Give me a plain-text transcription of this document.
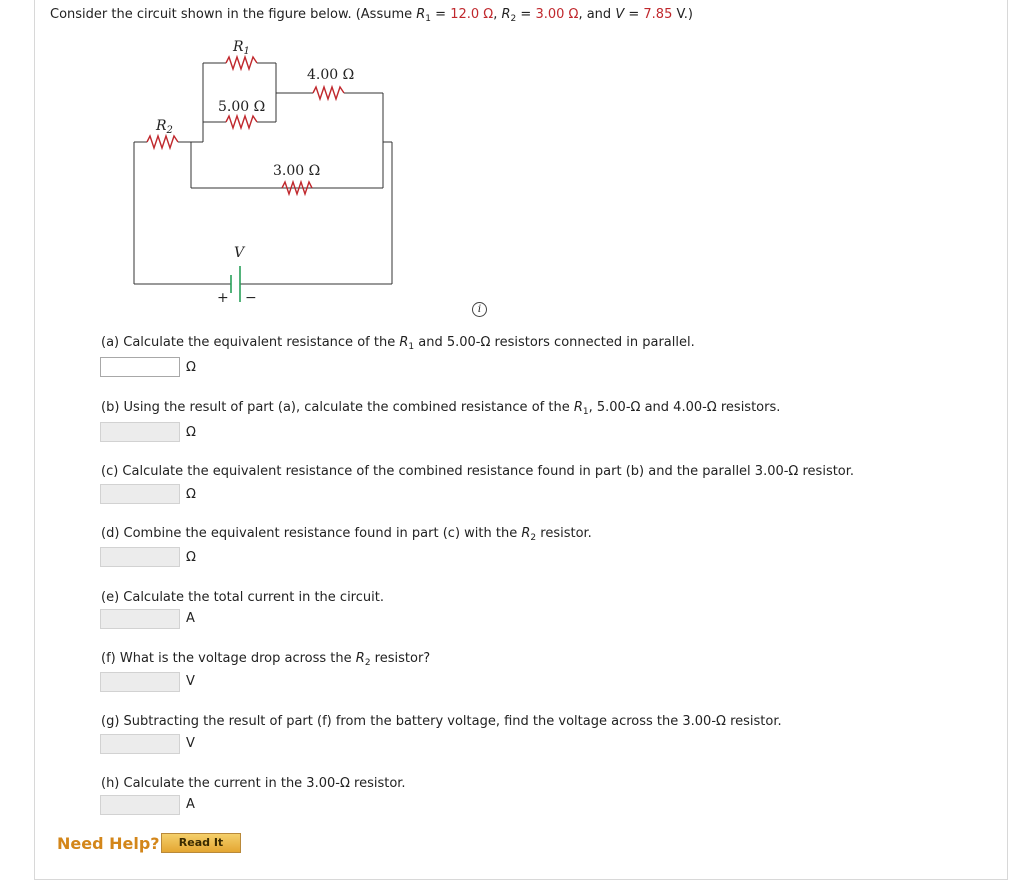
Consider the circuit shown in the figure below. (Assume $R_1 = 12.0$ Ω, $R_2 = 3.00$ Ω, and V = 7.85 V.)
$R_1$
5.00 Ω
4.00 Ω
$R_2$
3.00 Ω
V
+ −
i
(a) Calculate the equivalent resistance of the $R_1$ and 5.00-Ω resistors connected in parallel.
Ω
(b) Using the result of part (a), calculate the combined resistance of the $R_1$, 5.00-Ω and 4.00-Ω resistors.
Ω
(c) Calculate the equivalent resistance of the combined resistance found in part (b) and the parallel 3.00-Ω resistor.
Ω
(d) Combine the equivalent resistance found in part (c) with the $R_2$ resistor.
Ω
(e) Calculate the total current in the circuit.
A
(f) What is the voltage drop across the $R_2$ resistor?
V
(g) Subtracting the result of part (f) from the battery voltage, find the voltage across the 3.00-Ω resistor.
V
(h) Calculate the current in the 3.00-Ω resistor.
A
Need Help?	Read It
